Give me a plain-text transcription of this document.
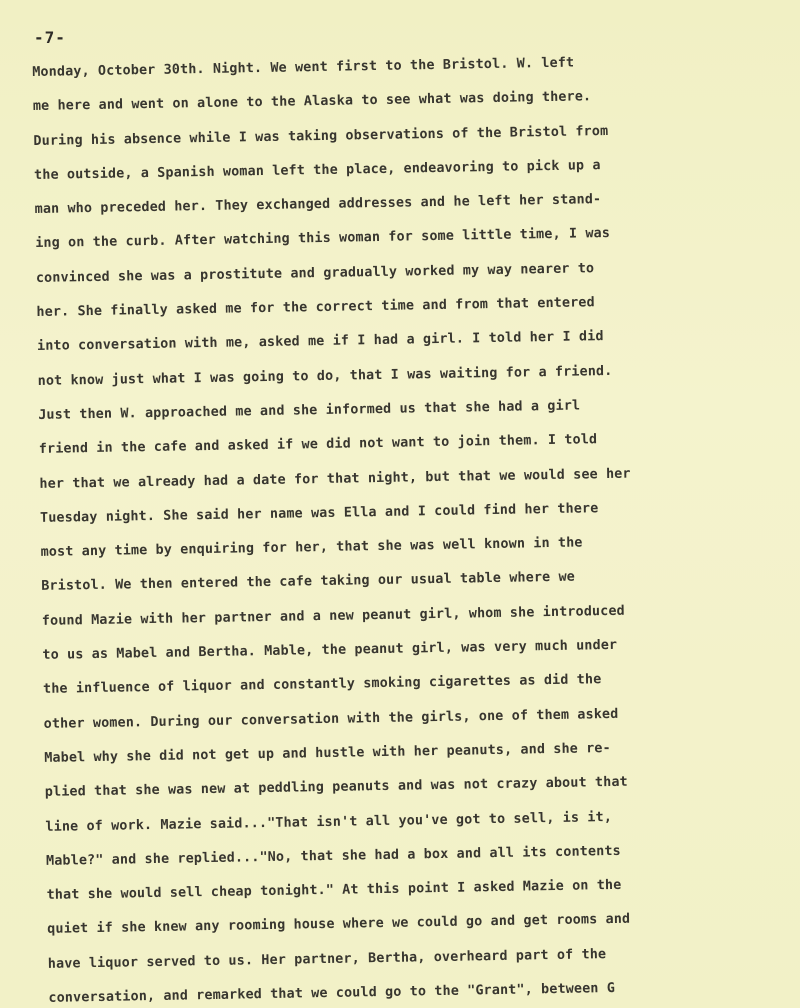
-7-
Monday, October 30th. Night. We went first to the Bristol. W. left
me here and went on alone to the Alaska to see what was doing there.
During his absence while I was taking observations of the Bristol from
the outside, a Spanish woman left the place, endeavoring to pick up a
man who preceded her. They exchanged addresses and he left her stand-
ing on the curb. After watching this woman for some little time, I was
convinced she was a prostitute and gradually worked my way nearer to
her. She finally asked me for the correct time and from that entered
into conversation with me, asked me if I had a girl. I told her I did
not know just what I was going to do, that I was waiting for a friend.
Just then W. approached me and she informed us that she had a girl
friend in the cafe and asked if we did not want to join them. I told
her that we already had a date for that night, but that we would see her
Tuesday night. She said her name was Ella and I could find her there
most any time by enquiring for her, that she was well known in the
Bristol. We then entered the cafe taking our usual table where we
found Mazie with her partner and a new peanut girl, whom she introduced
to us as Mabel and Bertha. Mable, the peanut girl, was very much under
the influence of liquor and constantly smoking cigarettes as did the
other women. During our conversation with the girls, one of them asked
Mabel why she did not get up and hustle with her peanuts, and she re-
plied that she was new at peddling peanuts and was not crazy about that
line of work. Mazie said..."That isn't all you've got to sell, is it,
Mable?" and she replied..."No, that she had a box and all its contents
that she would sell cheap tonight." At this point I asked Mazie on the
quiet if she knew any rooming house where we could go and get rooms and
have liquor served to us. Her partner, Bertha, overheard part of the
conversation, and remarked that we could go to the "Grant", between G
